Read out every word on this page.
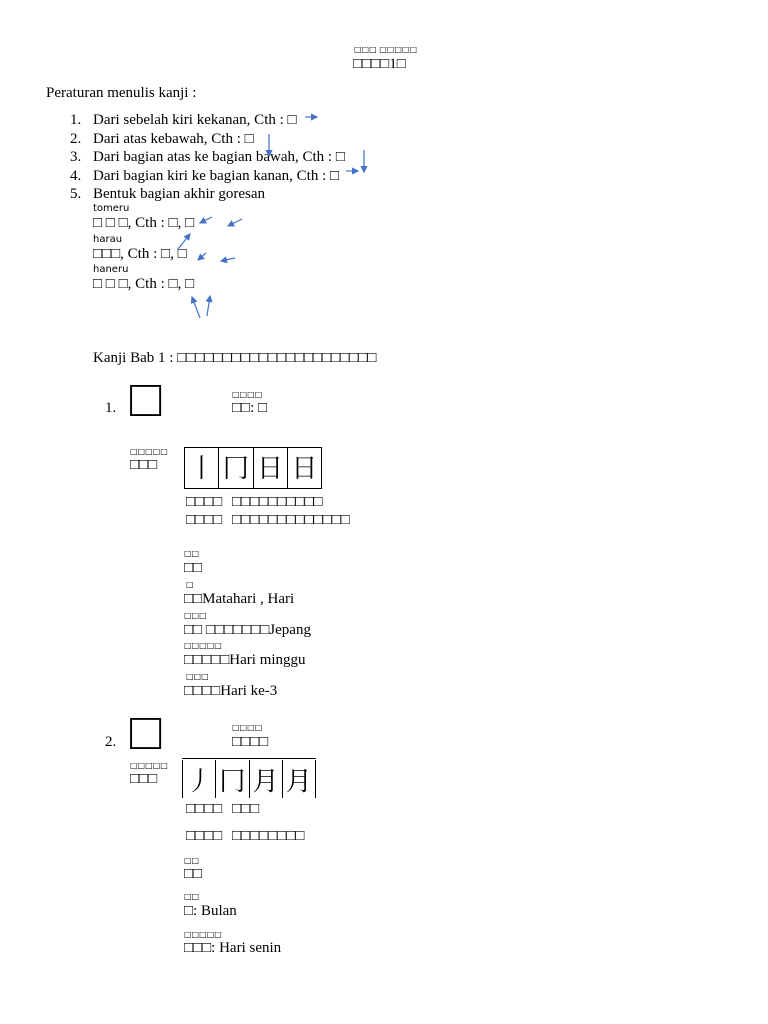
□□□ □□□□□
□□□□1□
Peraturan menulis kanji :
1. Dari sebelah kiri kekanan, Cth : □
2. Dari atas kebawah, Cth : □
3. Dari bagian atas ke bagian bawah, Cth : □
4. Dari bagian kiri ke bagian kanan, Cth : □
5. Bentuk bagian akhir goresan
tomeru
□ □ □, Cth : □, □
harau
□□□, Cth : □, □
haneru
□ □ □, Cth : □, □
Kanji Bab 1 : □□□□□□□□□□□□□□□□□□□□□□
1. □	□□□□
□□: □
□□□□□
□□□ 丨 冂 日 日
□□□□ □□□□□□□□□□
□□□□ □□□□□□□□□□□□□
□□
□□
□
□□Matahari , Hari
□□□
□□ □□□□□□□Jepang
□□□□□
□□□□□Hari minggu
□□□
□□□□Hari ke-3
2. □	□□□□
□□□□
□□□□□
□□□ 丿 冂 月 月
□□□□ □□□
□□□□ □□□□□□□□
□□
□□
□□
□: Bulan
□□□□□
□□□: Hari senin
